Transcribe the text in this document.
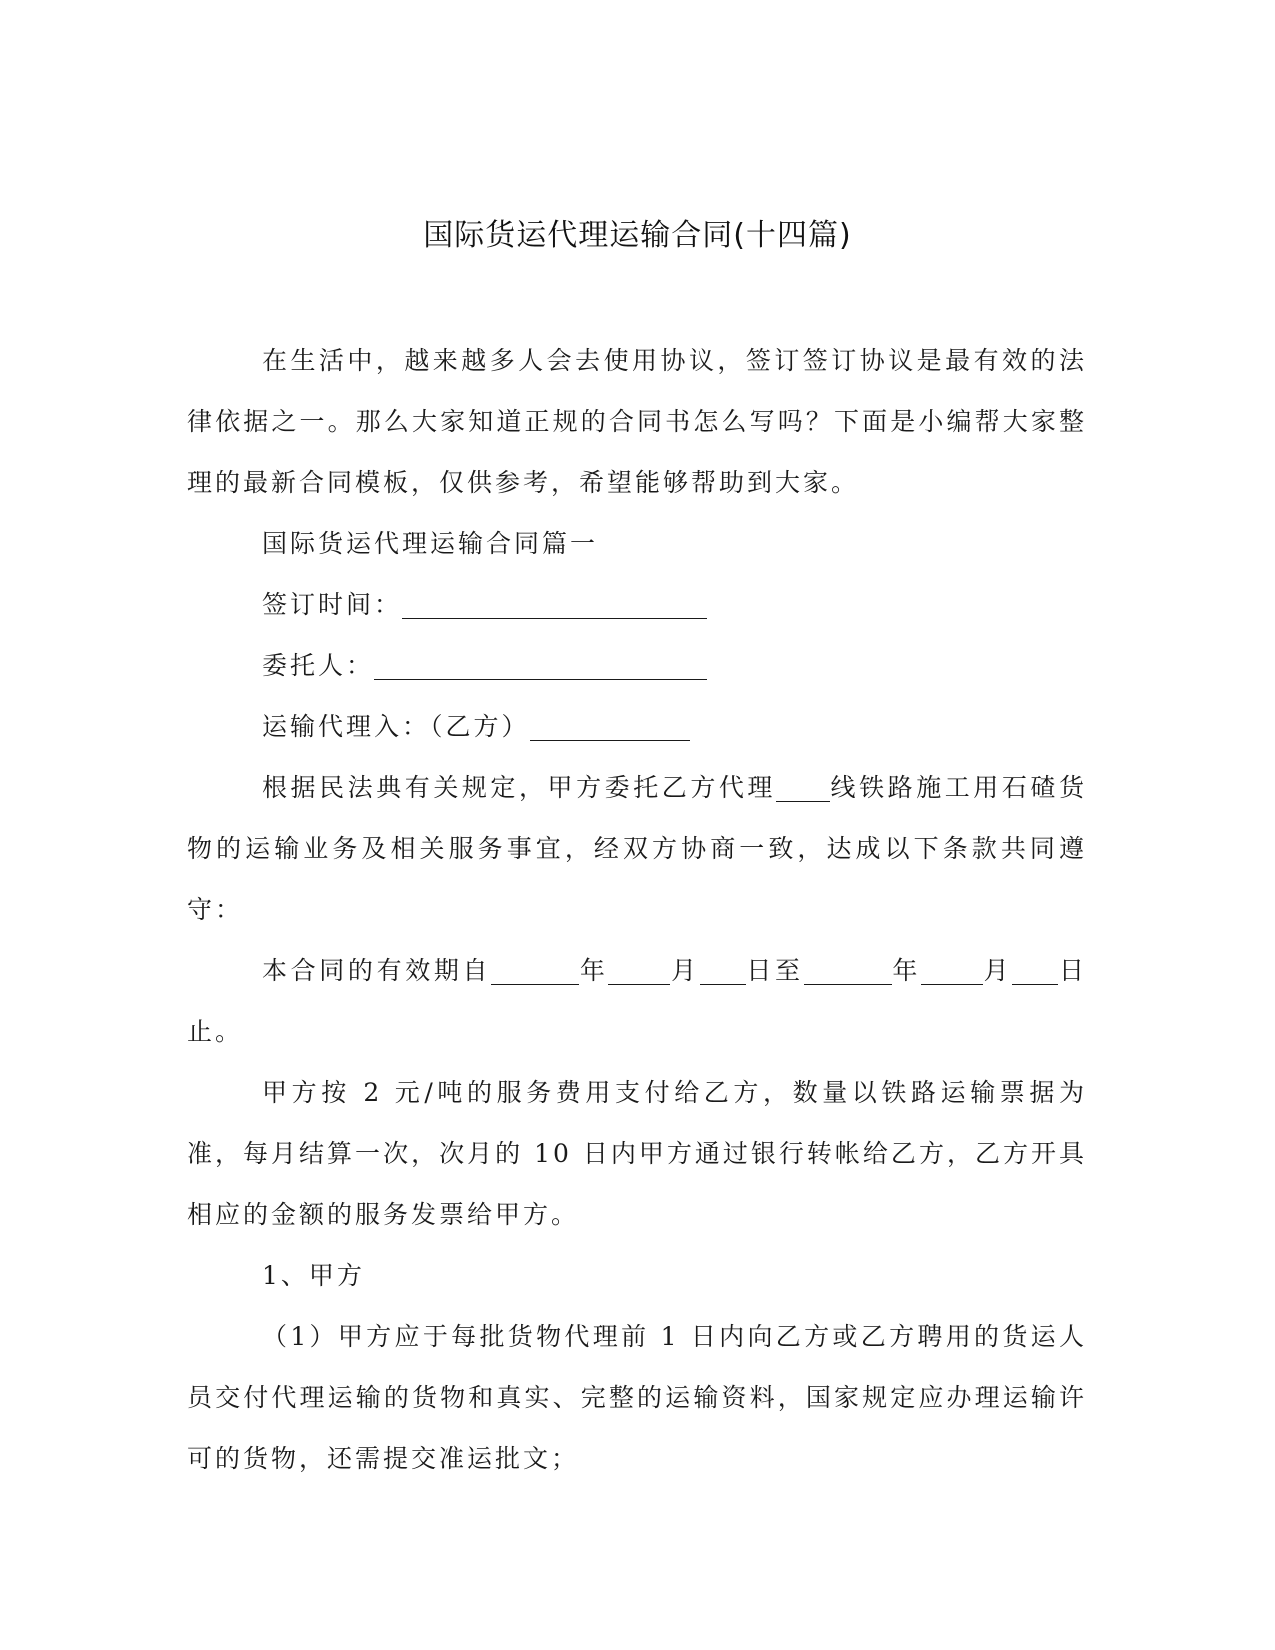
国际货运代理运输合同(十四篇)

在生活中，越来越多人会去使用协议，签订签订协议是最有效的法律依据之一。那么大家知道正规的合同书怎么写吗？下面是小编帮大家整理的最新合同模板，仅供参考，希望能够帮助到大家。

国际货运代理运输合同篇一

签订时间：

委托人：

运输代理入：（乙方）

根据民法典有关规定，甲方委托乙方代理 线铁路施工用石碴货物的运输业务及相关服务事宜，经双方协商一致，达成以下条款共同遵守：

本合同的有效期自	年 月 日至	年 月 日止。

甲方按 2 元/吨的服务费用支付给乙方，数量以铁路运输票据为准，每月结算一次，次月的 10 日内甲方通过银行转帐给乙方，乙方开具相应的金额的服务发票给甲方。

1、甲方

（1）甲方应于每批货物代理前 1 日内向乙方或乙方聘用的货运人员交付代理运输的货物和真实、完整的运输资料，国家规定应办理运输许可的货物，还需提交准运批文；
